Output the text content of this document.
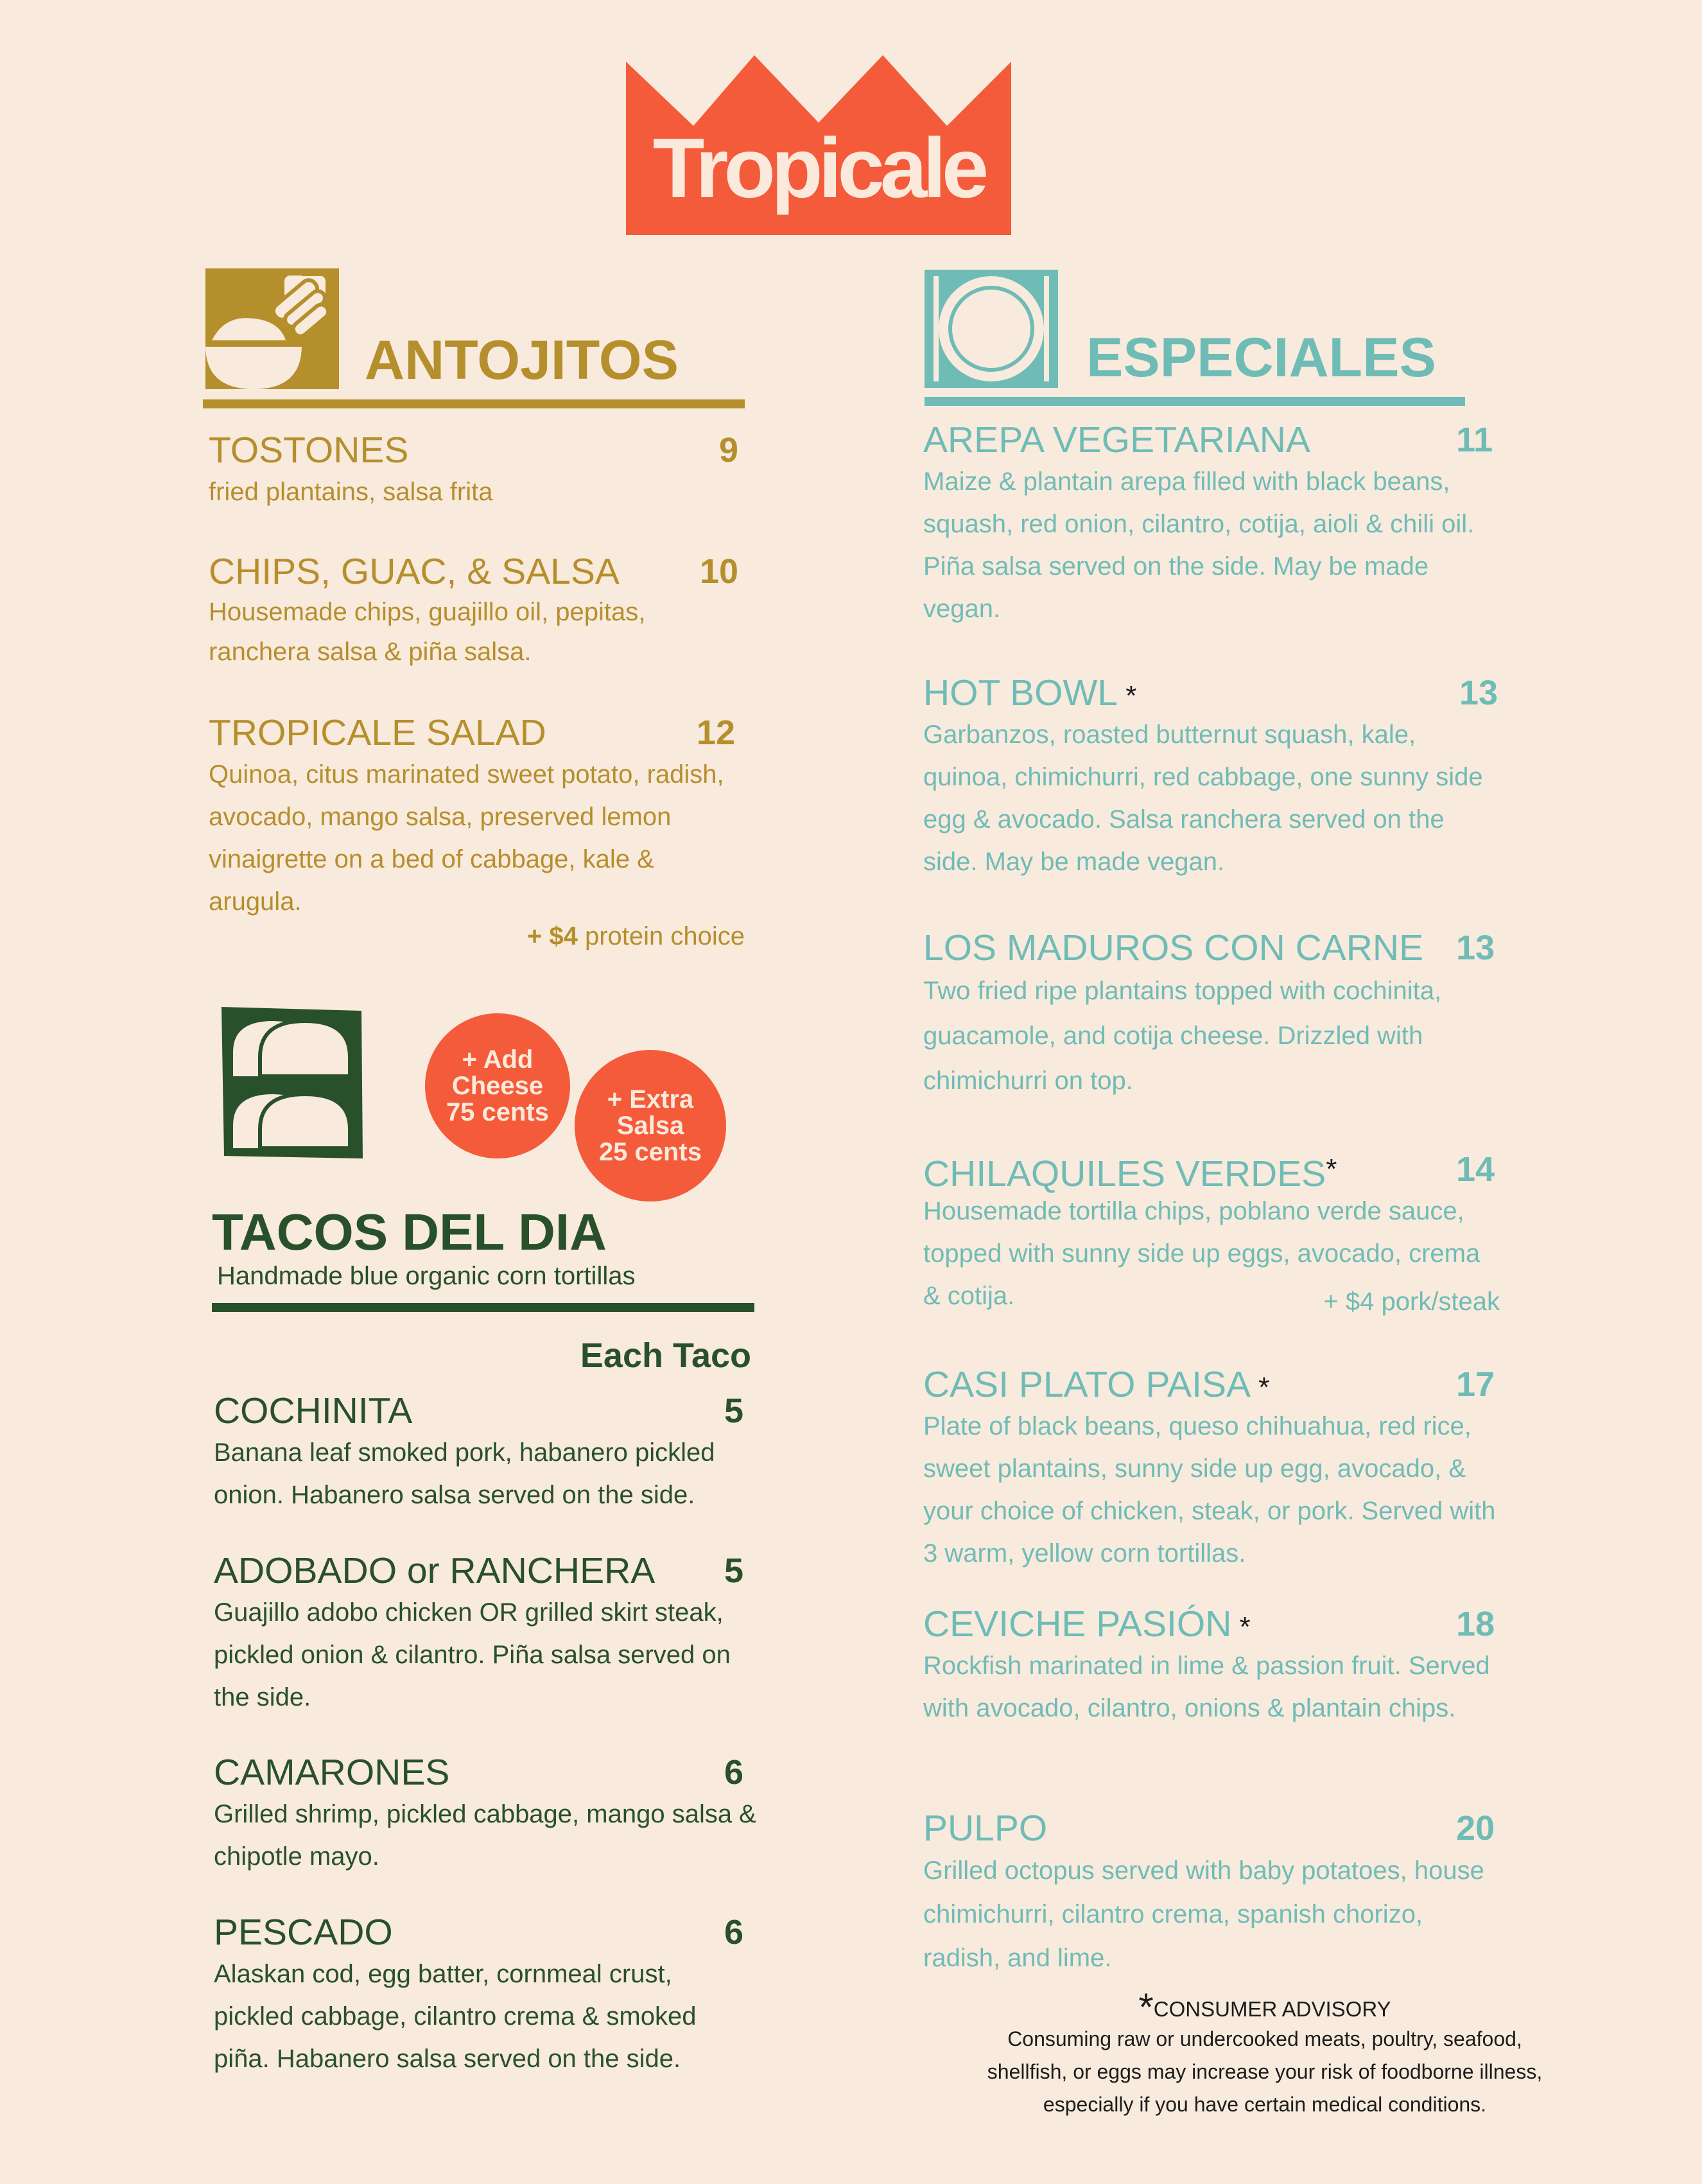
Tropicale
ANTOJITOS
TOSTONES	9
fried plantains, salsa frita
CHIPS, GUAC, & SALSA 10
Housemade chips, guajillo oil, pepitas, ranchera salsa & piña salsa.
TROPICALE SALAD	12
Quinoa, citus marinated sweet potato, radish, avocado, mango salsa, preserved lemon vinaigrette on a bed of cabbage, kale & arugula.
+ $4 protein choice
+ Add
Cheese
75 cents	+ Extra
Salsa
25 cents
TACOS DEL DIA
Handmade blue organic corn tortillas
Each Taco
COCHINITA	5
Banana leaf smoked pork, habanero pickled onion. Habanero salsa served on the side.
ADOBADO or RANCHERA 5
Guajillo adobo chicken OR grilled skirt steak, pickled onion & cilantro. Piña salsa served on the side.
CAMARONES	6
Grilled shrimp, pickled cabbage, mango salsa & chipotle mayo.
PESCADO	6
Alaskan cod, egg batter, cornmeal crust, pickled cabbage, cilantro crema & smoked piña. Habanero salsa served on the side.
ESPECIALES
AREPA VEGETARIANA	11
Maize & plantain arepa filled with black beans, squash, red onion, cilantro, cotija, aioli & chili oil. Piña salsa served on the side. May be made vegan.
HOT BOWL *	13
Garbanzos, roasted butternut squash, kale, quinoa, chimichurri, red cabbage, one sunny side egg & avocado. Salsa ranchera served on the side. May be made vegan.
LOS MADUROS CON CARNE 13
Two fried ripe plantains topped with cochinita, guacamole, and cotija cheese. Drizzled with chimichurri on top.
CHILAQUILES VERDES*	14
Housemade tortilla chips, poblano verde sauce, topped with sunny side up eggs, avocado, crema & cotija.	+ $4 pork/steak
CASI PLATO PAISA *	17
Plate of black beans, queso chihuahua, red rice, sweet plantains, sunny side up egg, avocado, & your choice of chicken, steak, or pork. Served with 3 warm, yellow corn tortillas.
CEVICHE PASIÓN *	18
Rockfish marinated in lime & passion fruit. Served with avocado, cilantro, onions & plantain chips.
PULPO	20
Grilled octopus served with baby potatoes, house chimichurri, cilantro crema, spanish chorizo, radish, and lime.
*CONSUMER ADVISORY
Consuming raw or undercooked meats, poultry, seafood,
shellfish, or eggs may increase your risk of foodborne illness,
especially if you have certain medical conditions.
